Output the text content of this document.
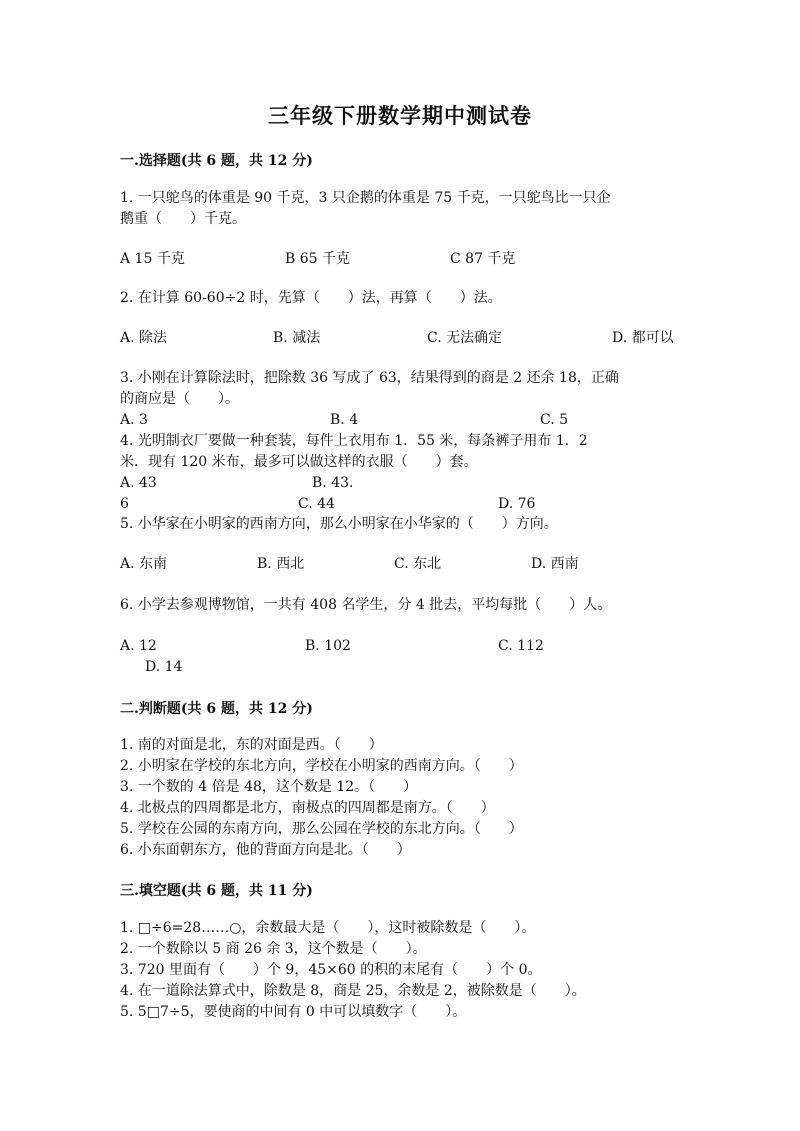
三年级下册数学期中测试卷
一.选择题(共 6 题，共 12 分)
1. 一只鸵鸟的体重是 90 千克，3 只企鹅的体重是 75 千克，一只鸵鸟比一只企
鹅重（　　）千克。
A 15 千克	B 65 千克	C 87 千克
2. 在计算 60-60÷2 时，先算（　　）法，再算（　　）法。
A. 除法	B. 减法	C. 无法确定	D. 都可以
3. 小刚在计算除法时，把除数 36 写成了 63，结果得到的商是 2 还余 18，正确
的商应是（　　）。
A. 3	B. 4	C. 5
4. 光明制衣厂要做一种套装，每件上衣用布 1．55 米，每条裤子用布 1．2
米．现有 120 米布，最多可以做这样的衣服（　　）套。
A. 43	B. 43.
6	C. 44	D. 76
5. 小华家在小明家的西南方向，那么小明家在小华家的（　　）方向。
A. 东南	B. 西北	C. 东北	D. 西南
6. 小学去参观博物馆，一共有 408 名学生，分 4 批去，平均每批（　　）人。
A. 12	B. 102	C. 112
D. 14
二.判断题(共 6 题，共 12 分)
1. 南的对面是北，东的对面是西。（　　）
2. 小明家在学校的东北方向，学校在小明家的西南方向。（　　）
3. 一个数的 4 倍是 48，这个数是 12。（　　）
4. 北极点的四周都是北方，南极点的四周都是南方。（　　）
5. 学校在公园的东南方向，那么公园在学校的东北方向。（　　）
6. 小东面朝东方，他的背面方向是北。（　　）
三.填空题(共 6 题，共 11 分)
1. □÷6=28……○，余数最大是（　　），这时被除数是（　　）。
2. 一个数除以 5 商 26 余 3，这个数是（　　）。
3. 720 里面有（　　）个 9，45×60 的积的末尾有（　　）个 0。
4. 在一道除法算式中，除数是 8，商是 25，余数是 2，被除数是（　　）。
5. 5□7÷5，要使商的中间有 0 中可以填数字（　　）。
